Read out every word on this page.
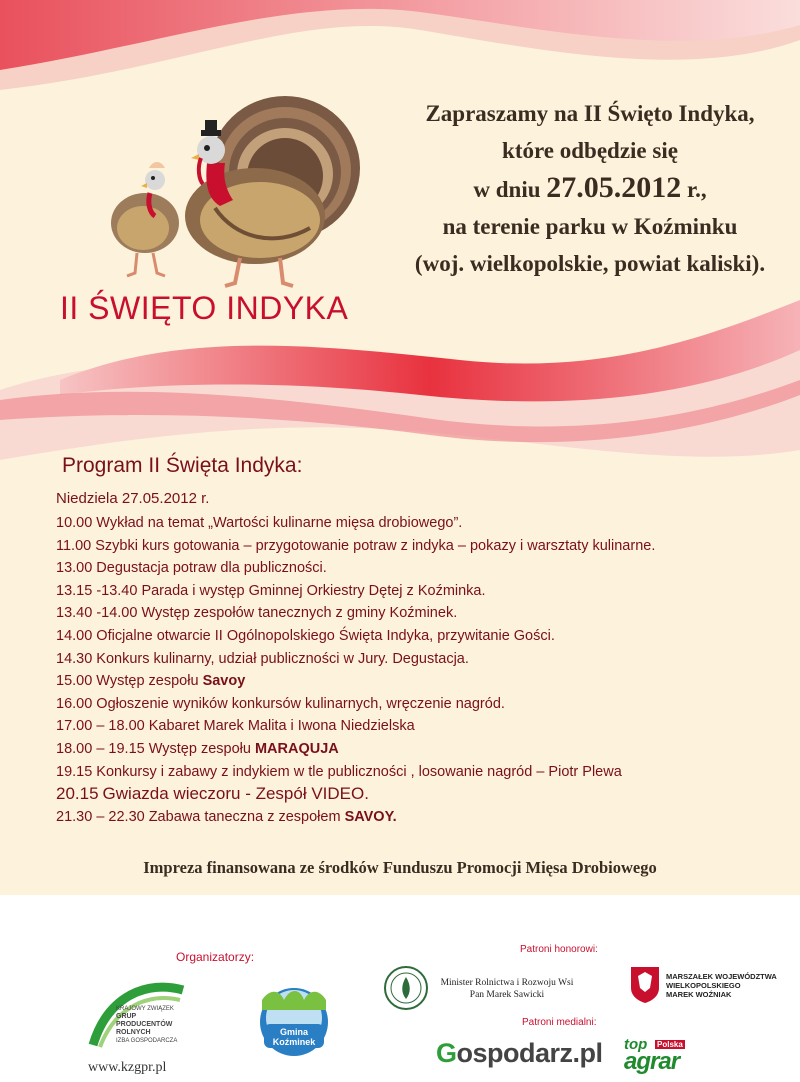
II ŚWIĘTO INDYKA
Zapraszamy na II Święto Indyka,
które odbędzie się
w dniu 27.05.2012 r.,
na terenie parku w Koźminku
(woj. wielkopolskie, powiat kaliski).
Program II Święta Indyka:
Niedziela 27.05.2012 r.
10.00 Wykład na temat „Wartości kulinarne mięsa drobiowego”.
11.00 Szybki kurs gotowania – przygotowanie potraw z indyka – pokazy i warsztaty kulinarne.
13.00 Degustacja potraw dla publiczności.
13.15 -13.40 Parada i występ Gminnej Orkiestry Dętej z Koźminka.
13.40 -14.00 Występ zespołów tanecznych z gminy Koźminek.
14.00 Oficjalne otwarcie II Ogólnopolskiego Święta Indyka, przywitanie Gości.
14.30 Konkurs kulinarny, udział publiczności w Jury. Degustacja.
15.00 Występ zespołu Savoy
16.00 Ogłoszenie wyników konkursów kulinarnych, wręczenie nagród.
17.00 – 18.00 Kabaret Marek Malita i Iwona Niedzielska
18.00 – 19.15 Występ zespołu MARAQUJA
19.15 Konkursy i zabawy z indykiem w tle publiczności , losowanie nagród – Piotr Plewa
20.15 Gwiazda wieczoru - Zespół VIDEO.
21.30 – 22.30 Zabawa taneczna z zespołem SAVOY.
Impreza finansowana ze środków Funduszu Promocji Mięsa Drobiowego
Organizatorzy:
Patroni honorowi:
Patroni medialni:
KRAJOWY ZWIĄZEK
GRUP
PRODUCENTÓW
ROLNYCH
IZBA GOSPODARCZA
www.kzgpr.pl
Gmina
Koźminek
Minister Rolnictwa i Rozwoju Wsi
Pan Marek Sawicki
MARSZAŁEK WOJEWÓDZTWA
WIELKOPOLSKIEGO
MAREK WOŹNIAK
Gospodarz.pl top Polska
agrar
